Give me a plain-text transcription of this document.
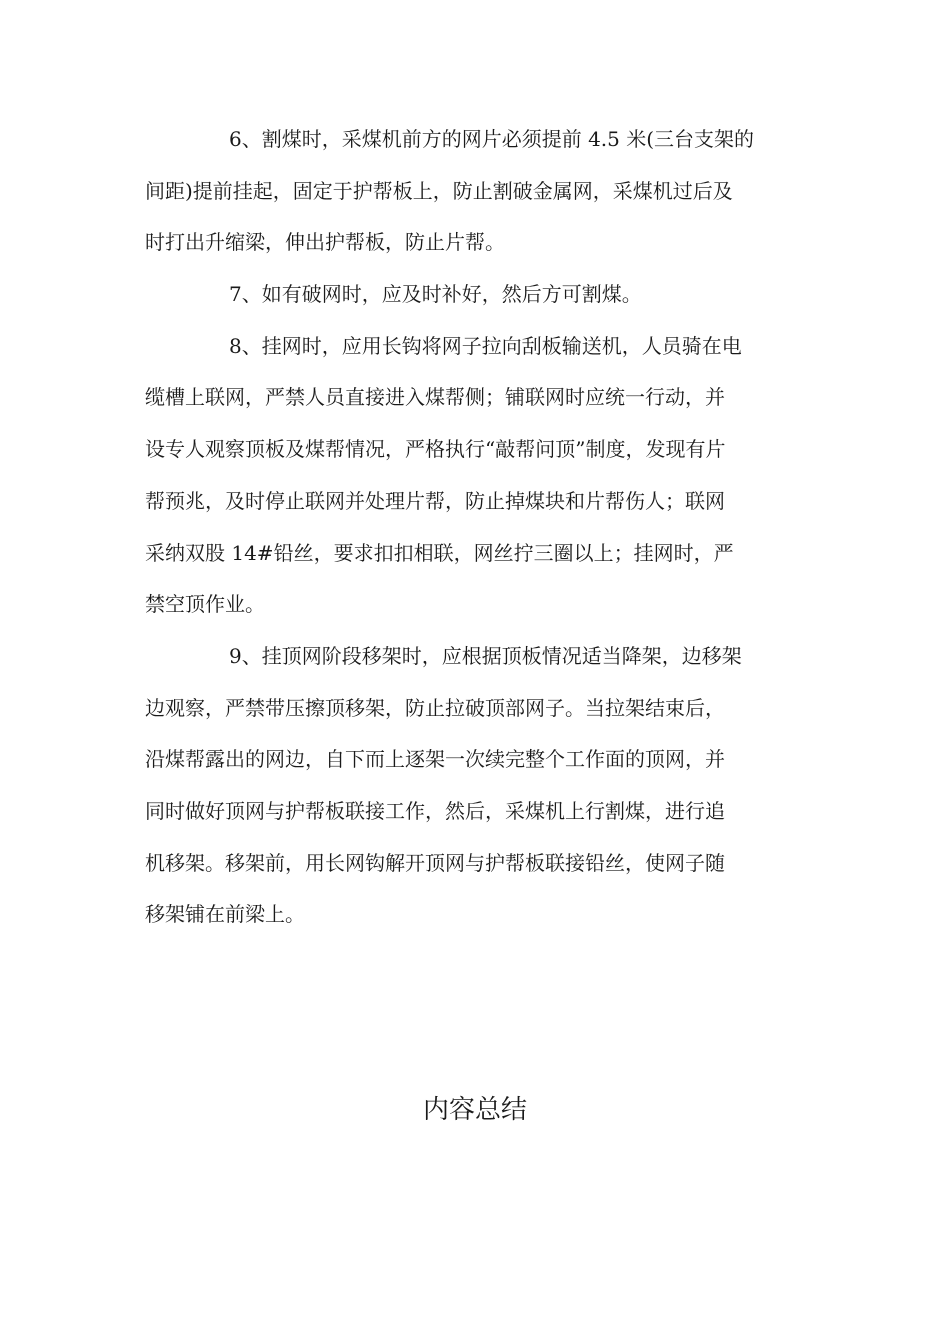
6、割煤时，采煤机前方的网片必须提前 4.5 米(三台支架的
间距)提前挂起，固定于护帮板上，防止割破金属网，采煤机过后及
时打出升缩梁，伸出护帮板，防止片帮。
7、如有破网时，应及时补好，然后方可割煤。
8、挂网时，应用长钩将网子拉向刮板输送机，人员骑在电
缆槽上联网，严禁人员直接进入煤帮侧；铺联网时应统一行动，并
设专人观察顶板及煤帮情况，严格执行“敲帮问顶”制度，发现有片
帮预兆，及时停止联网并处理片帮，防止掉煤块和片帮伤人；联网
采纳双股 14#铅丝，要求扣扣相联，网丝拧三圈以上；挂网时，严
禁空顶作业。
9、挂顶网阶段移架时，应根据顶板情况适当降架，边移架
边观察，严禁带压擦顶移架，防止拉破顶部网子。当拉架结束后，
沿煤帮露出的网边，自下而上逐架一次续完整个工作面的顶网，并
同时做好顶网与护帮板联接工作，然后，采煤机上行割煤，进行追
机移架。移架前，用长网钩解开顶网与护帮板联接铅丝，使网子随
移架铺在前梁上。
内容总结
